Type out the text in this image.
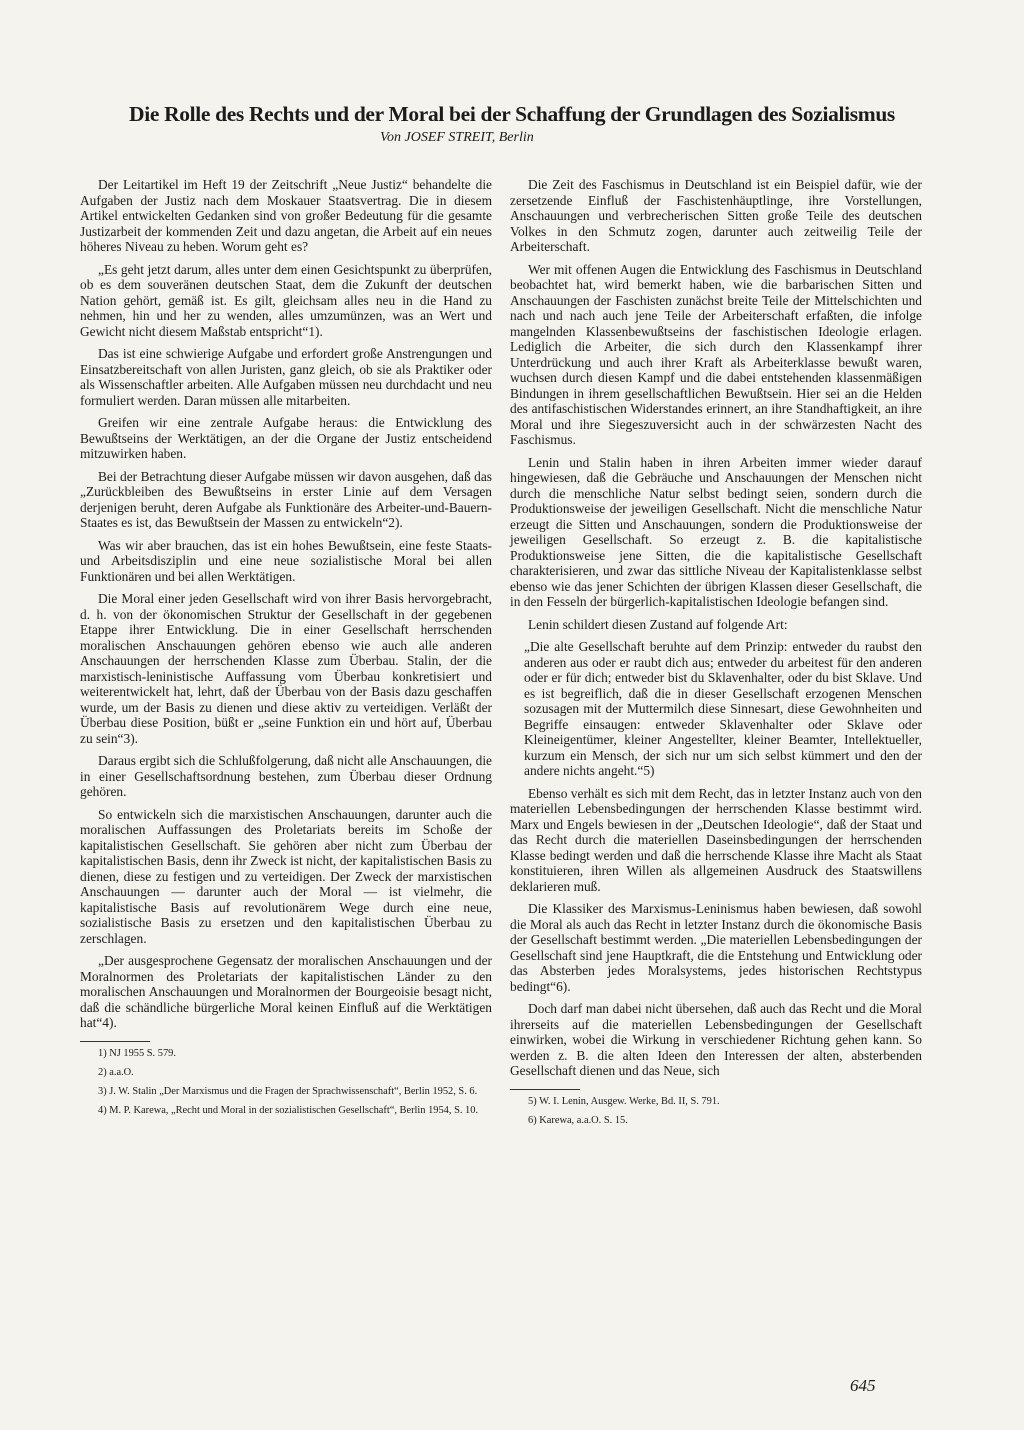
Die Rolle des Rechts und der Moral bei der Schaffung der Grundlagen des Sozialismus
Von JOSEF STREIT, Berlin

Der Leitartikel im Heft 19 der Zeitschrift „Neue Justiz“ behandelte die Aufgaben der Justiz nach dem Moskauer Staatsvertrag. Die in diesem Artikel entwickelten Gedanken sind von großer Bedeutung für die gesamte Justizarbeit der kommenden Zeit und dazu angetan, die Arbeit auf ein neues höheres Niveau zu heben. Worum geht es?

„Es geht jetzt darum, alles unter dem einen Gesichtspunkt zu überprüfen, ob es dem souveränen deutschen Staat, dem die Zukunft der deutschen Nation gehört, gemäß ist. Es gilt, gleichsam alles neu in die Hand zu nehmen, hin und her zu wenden, alles umzumünzen, was an Wert und Gewicht nicht diesem Maßstab entspricht“1).

Das ist eine schwierige Aufgabe und erfordert große Anstrengungen und Einsatzbereitschaft von allen Juristen, ganz gleich, ob sie als Praktiker oder als Wissenschaftler arbeiten. Alle Aufgaben müssen neu durchdacht und neu formuliert werden. Daran müssen alle mitarbeiten.

Greifen wir eine zentrale Aufgabe heraus: die Entwicklung des Bewußtseins der Werktätigen, an der die Organe der Justiz entscheidend mitzuwirken haben.

Bei der Betrachtung dieser Aufgabe müssen wir davon ausgehen, daß das „Zurückbleiben des Bewußtseins in erster Linie auf dem Versagen derjenigen beruht, deren Aufgabe als Funktionäre des Arbeiter-und-Bauern-Staates es ist, das Bewußtsein der Massen zu entwickeln“2).

Was wir aber brauchen, das ist ein hohes Bewußtsein, eine feste Staats- und Arbeitsdisziplin und eine neue sozialistische Moral bei allen Funktionären und bei allen Werktätigen.

Die Moral einer jeden Gesellschaft wird von ihrer Basis hervorgebracht, d. h. von der ökonomischen Struktur der Gesellschaft in der gegebenen Etappe ihrer Entwicklung. Die in einer Gesellschaft herrschenden moralischen Anschauungen gehören ebenso wie auch alle anderen Anschauungen der herrschenden Klasse zum Überbau. Stalin, der die marxistisch-leninistische Auffassung vom Überbau konkretisiert und weiterentwickelt hat, lehrt, daß der Überbau von der Basis dazu geschaffen wurde, um der Basis zu dienen und diese aktiv zu verteidigen. Verläßt der Überbau diese Position, büßt er „seine Funktion ein und hört auf, Überbau zu sein“3).

Daraus ergibt sich die Schlußfolgerung, daß nicht alle Anschauungen, die in einer Gesellschaftsordnung bestehen, zum Überbau dieser Ordnung gehören.

So entwickeln sich die marxistischen Anschauungen, darunter auch die moralischen Auffassungen des Proletariats bereits im Schoße der kapitalistischen Gesellschaft. Sie gehören aber nicht zum Überbau der kapitalistischen Basis, denn ihr Zweck ist nicht, der kapitalistischen Basis zu dienen, diese zu festigen und zu verteidigen. Der Zweck der marxistischen Anschauungen — darunter auch der Moral — ist vielmehr, die kapitalistische Basis auf revolutionärem Wege durch eine neue, sozialistische Basis zu ersetzen und den kapitalistischen Überbau zu zerschlagen.

„Der ausgesprochene Gegensatz der moralischen Anschauungen und der Moralnormen des Proletariats der kapitalistischen Länder zu den moralischen Anschauungen und Moralnormen der Bourgeoisie besagt nicht, daß die schändliche bürgerliche Moral keinen Einfluß auf die Werktätigen hat“4).

1) NJ 1955 S. 579.

2) a.a.O.

3) J. W. Stalin „Der Marxismus und die Fragen der Sprachwissenschaft“, Berlin 1952, S. 6.

4) M. P. Karewa, „Recht und Moral in der sozialistischen Gesellschaft“, Berlin 1954, S. 10.

Die Zeit des Faschismus in Deutschland ist ein Beispiel dafür, wie der zersetzende Einfluß der Faschistenhäuptlinge, ihre Vorstellungen, Anschauungen und verbrecherischen Sitten große Teile des deutschen Volkes in den Schmutz zogen, darunter auch zeitweilig Teile der Arbeiterschaft.

Wer mit offenen Augen die Entwicklung des Faschismus in Deutschland beobachtet hat, wird bemerkt haben, wie die barbarischen Sitten und Anschauungen der Faschisten zunächst breite Teile der Mittelschichten und nach und nach auch jene Teile der Arbeiterschaft erfaßten, die infolge mangelnden Klassenbewußtseins der faschistischen Ideologie erlagen. Lediglich die Arbeiter, die sich durch den Klassenkampf ihrer Unterdrückung und auch ihrer Kraft als Arbeiterklasse bewußt waren, wuchsen durch diesen Kampf und die dabei entstehenden klassenmäßigen Bindungen in ihrem gesellschaftlichen Bewußtsein. Hier sei an die Helden des antifaschistischen Widerstandes erinnert, an ihre Standhaftigkeit, an ihre Moral und ihre Siegeszuversicht auch in der schwärzesten Nacht des Faschismus.

Lenin und Stalin haben in ihren Arbeiten immer wieder darauf hingewiesen, daß die Gebräuche und Anschauungen der Menschen nicht durch die menschliche Natur selbst bedingt seien, sondern durch die Produktionsweise der jeweiligen Gesellschaft. Nicht die menschliche Natur erzeugt die Sitten und Anschauungen, sondern die Produktionsweise der jeweiligen Gesellschaft. So erzeugt z. B. die kapitalistische Produktionsweise jene Sitten, die die kapitalistische Gesellschaft charakterisieren, und zwar das sittliche Niveau der Kapitalistenklasse selbst ebenso wie das jener Schichten der übrigen Klassen dieser Gesellschaft, die in den Fesseln der bürgerlich-kapitalistischen Ideologie befangen sind.

Lenin schildert diesen Zustand auf folgende Art:

„Die alte Gesellschaft beruhte auf dem Prinzip: entweder du raubst den anderen aus oder er raubt dich aus; entweder du arbeitest für den anderen oder er für dich; entweder bist du Sklavenhalter, oder du bist Sklave. Und es ist begreiflich, daß die in dieser Gesellschaft erzogenen Menschen sozusagen mit der Muttermilch diese Sinnesart, diese Gewohnheiten und Begriffe einsaugen: entweder Sklavenhalter oder Sklave oder Kleineigentümer, kleiner Angestellter, kleiner Beamter, Intellektueller, kurzum ein Mensch, der sich nur um sich selbst kümmert und den der andere nichts angeht.“5)

Ebenso verhält es sich mit dem Recht, das in letzter Instanz auch von den materiellen Lebensbedingungen der herrschenden Klasse bestimmt wird. Marx und Engels bewiesen in der „Deutschen Ideologie“, daß der Staat und das Recht durch die materiellen Daseinsbedingungen der herrschenden Klasse bedingt werden und daß die herrschende Klasse ihre Macht als Staat konstituieren, ihren Willen als allgemeinen Ausdruck des Staatswillens deklarieren muß.

Die Klassiker des Marxismus-Leninismus haben bewiesen, daß sowohl die Moral als auch das Recht in letzter Instanz durch die ökonomische Basis der Gesellschaft bestimmt werden. „Die materiellen Lebensbedingungen der Gesellschaft sind jene Hauptkraft, die die Entstehung und Entwicklung oder das Absterben jedes Moralsystems, jedes historischen Rechtstypus bedingt“6).

Doch darf man dabei nicht übersehen, daß auch das Recht und die Moral ihrerseits auf die materiellen Lebensbedingungen der Gesellschaft einwirken, wobei die Wirkung in verschiedener Richtung gehen kann. So werden z. B. die alten Ideen den Interessen der alten, absterbenden Gesellschaft dienen und das Neue, sich

5) W. I. Lenin, Ausgew. Werke, Bd. II, S. 791.

6) Karewa, a.a.O. S. 15.

645
